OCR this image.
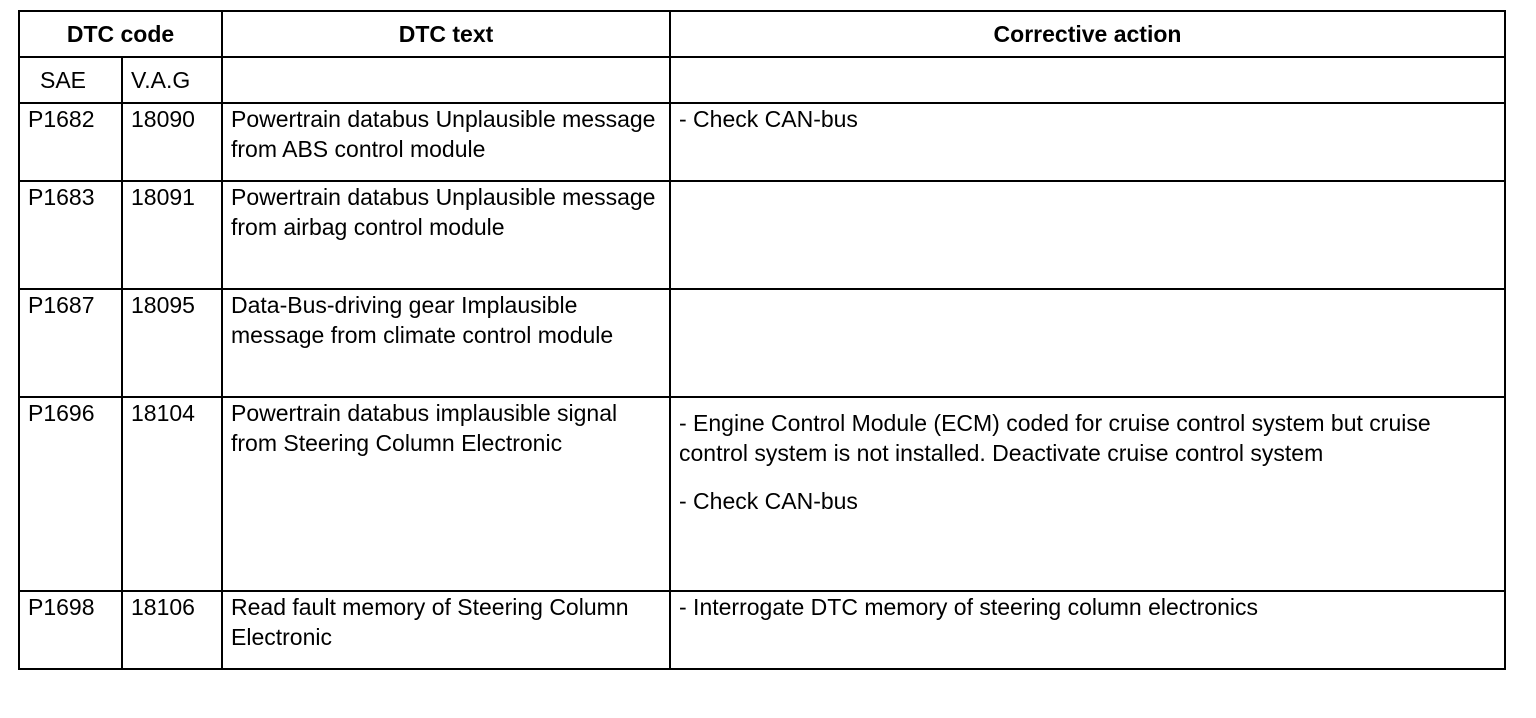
DTC code		DTC text	Corrective action
SAE	V.A.G		
P1682	18090	Powertrain databus Unplausible message from ABS control module	- Check CAN-bus

P1683	18091	Powertrain databus Unplausible message from airbag control module	
P1687	18095	Data-Bus-driving gear Implausible message from climate control module	
P1696	18104	Powertrain databus implausible signal from Steering Column Electronic	- Engine Control Module (ECM) coded for cruise control system but cruise control system is not installed. Deactivate cruise control system

- Check CAN-bus

P1698	18106	Read fault memory of Steering Column Electronic	- Interrogate DTC memory of steering column electronics
